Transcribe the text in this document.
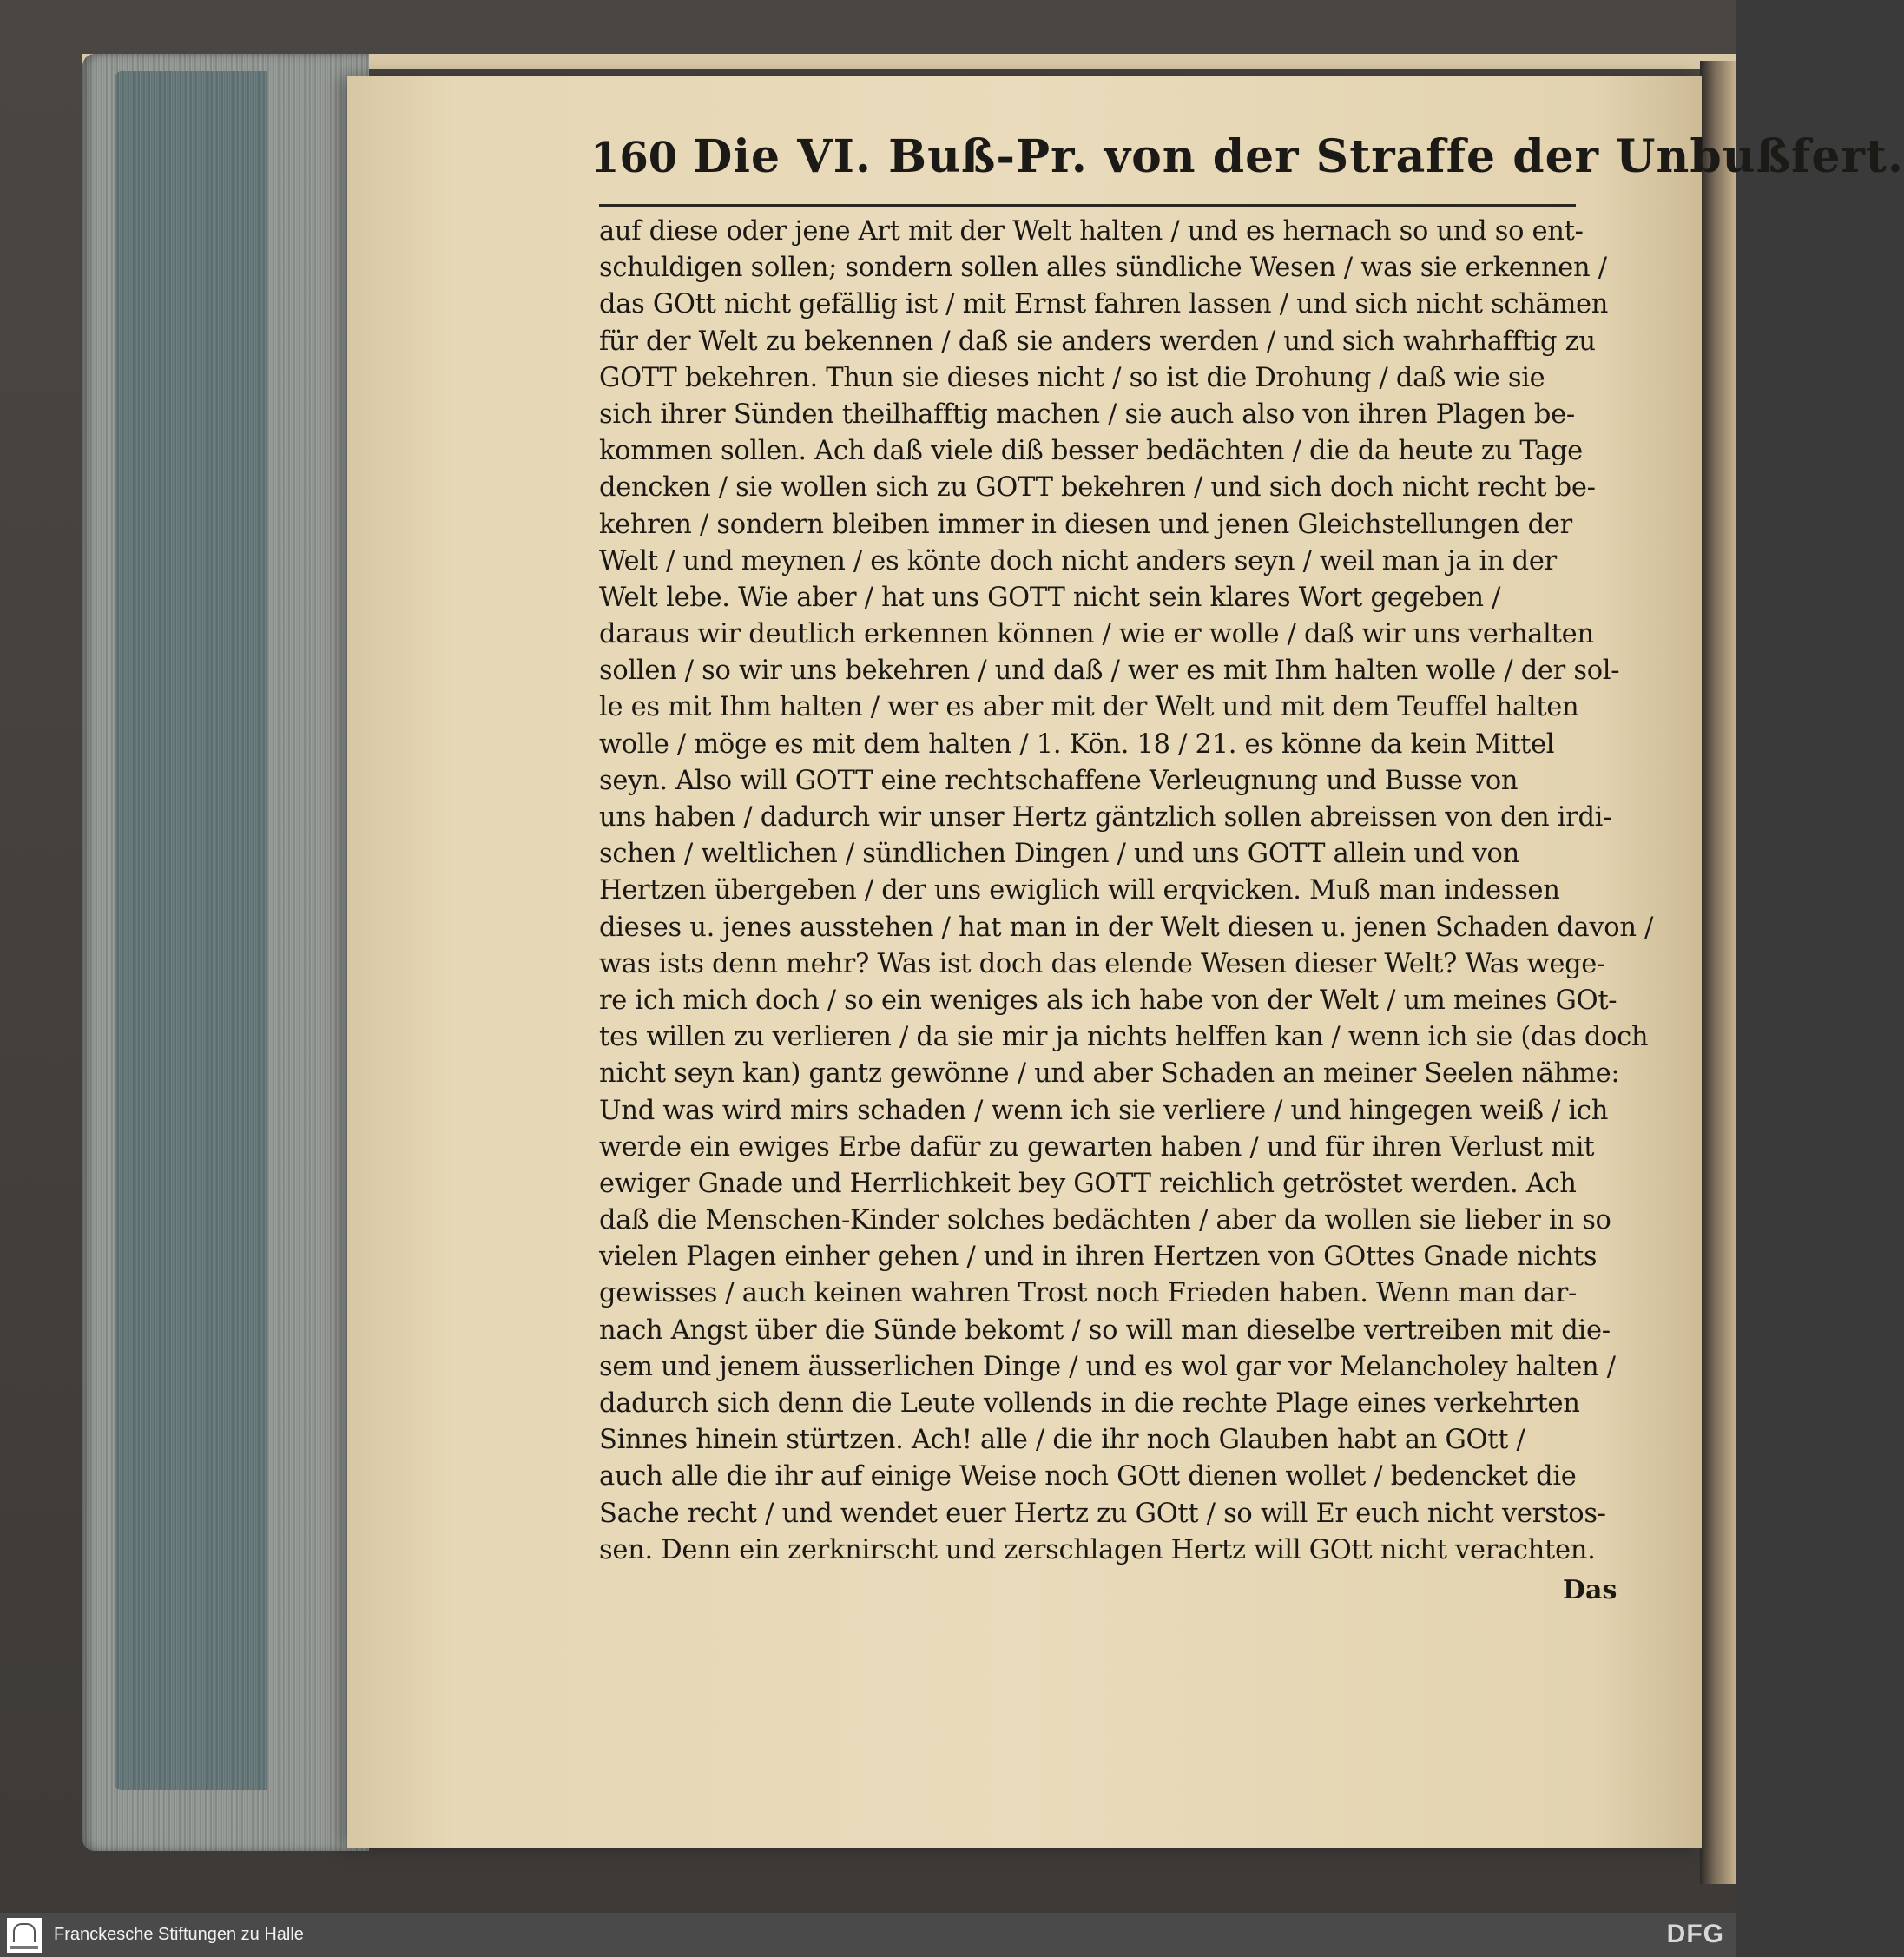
160 Die VI. Buß-Pr. von der Straffe der Unbußfert.
auf diese oder jene Art mit der Welt halten / und es hernach so und so ent-
schuldigen sollen; sondern sollen alles sündliche Wesen / was sie erkennen /
das GOtt nicht gefällig ist / mit Ernst fahren lassen / und sich nicht schämen
für der Welt zu bekennen / daß sie anders werden / und sich wahrhafftig zu
GOTT bekehren. Thun sie dieses nicht / so ist die Drohung / daß wie sie
sich ihrer Sünden theilhafftig machen / sie auch also von ihren Plagen be-
kommen sollen. Ach daß viele diß besser bedächten / die da heute zu Tage
dencken / sie wollen sich zu GOTT bekehren / und sich doch nicht recht be-
kehren / sondern bleiben immer in diesen und jenen Gleichstellungen der
Welt / und meynen / es könte doch nicht anders seyn / weil man ja in der
Welt lebe. Wie aber / hat uns GOTT nicht sein klares Wort gegeben /
daraus wir deutlich erkennen können / wie er wolle / daß wir uns verhalten
sollen / so wir uns bekehren / und daß / wer es mit Ihm halten wolle / der sol-
le es mit Ihm halten / wer es aber mit der Welt und mit dem Teuffel halten
wolle / möge es mit dem halten / 1. Kön. 18 / 21. es könne da kein Mittel
seyn. Also will GOTT eine rechtschaffene Verleugnung und Busse von
uns haben / dadurch wir unser Hertz gäntzlich sollen abreissen von den irdi-
schen / weltlichen / sündlichen Dingen / und uns GOTT allein und von
Hertzen übergeben / der uns ewiglich will erqvicken. Muß man indessen
dieses u. jenes ausstehen / hat man in der Welt diesen u. jenen Schaden davon /
was ists denn mehr? Was ist doch das elende Wesen dieser Welt? Was wege-
re ich mich doch / so ein weniges als ich habe von der Welt / um meines GOt-
tes willen zu verlieren / da sie mir ja nichts helffen kan / wenn ich sie (das doch
nicht seyn kan) gantz gewönne / und aber Schaden an meiner Seelen nähme:
Und was wird mirs schaden / wenn ich sie verliere / und hingegen weiß / ich
werde ein ewiges Erbe dafür zu gewarten haben / und für ihren Verlust mit
ewiger Gnade und Herrlichkeit bey GOTT reichlich getröstet werden. Ach
daß die Menschen-Kinder solches bedächten / aber da wollen sie lieber in so
vielen Plagen einher gehen / und in ihren Hertzen von GOttes Gnade nichts
gewisses / auch keinen wahren Trost noch Frieden haben. Wenn man dar-
nach Angst über die Sünde bekomt / so will man dieselbe vertreiben mit die-
sem und jenem äusserlichen Dinge / und es wol gar vor Melancholey halten /
dadurch sich denn die Leute vollends in die rechte Plage eines verkehrten
Sinnes hinein stürtzen. Ach! alle / die ihr noch Glauben habt an GOtt /
auch alle die ihr auf einige Weise noch GOtt dienen wollet / bedencket die
Sache recht / und wendet euer Hertz zu GOtt / so will Er euch nicht verstos-
sen. Denn ein zerknirscht und zerschlagen Hertz will GOtt nicht verachten.
Das
Franckesche Stiftungen zu Halle	DFG
